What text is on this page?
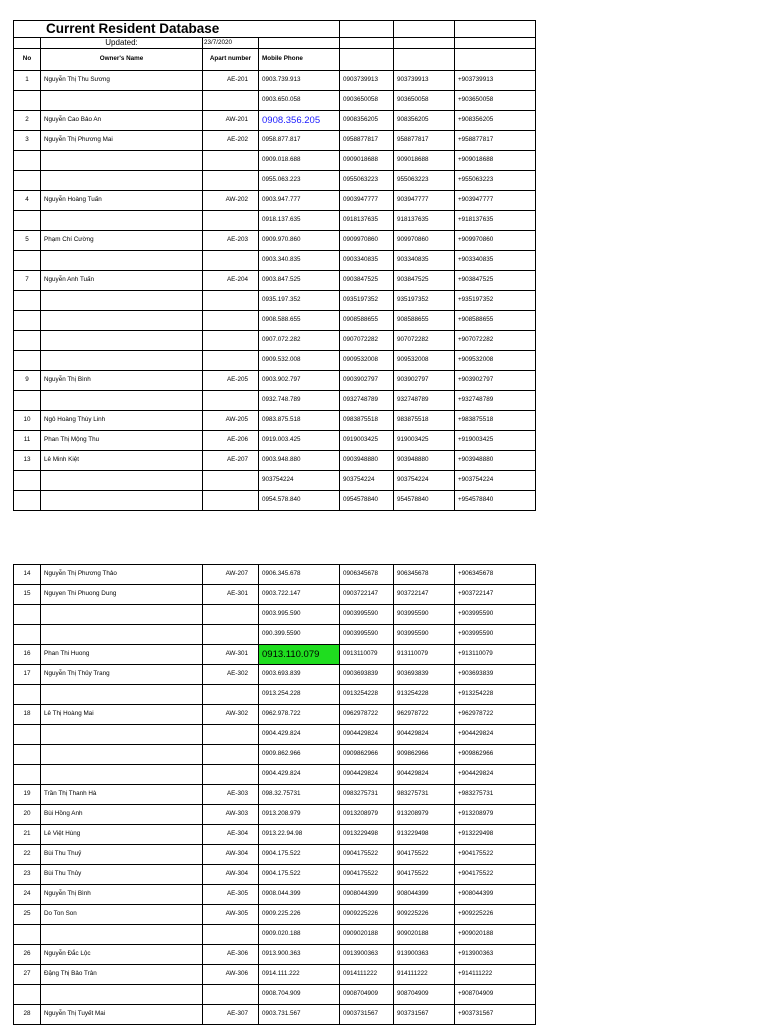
Current Resident Database						
	Updated:	23/7/2020				
No	Owner's Name	Apart number	Mobile Phone			
1	Nguyễn Thị Thu Sương	AE-201	0903.739.913	0903739913	903739913	+903739913
			0903.650.058	0903650058	903650058	+903650058
2	Nguyễn Cao Bảo An	AW-201	0908.356.205	0908356205	908356205	+908356205
3	Nguyễn Thị Phương Mai	AE-202	0958.877.817	0958877817	958877817	+958877817
			0909.018.688	0909018688	909018688	+909018688
			0955.063.223	0955063223	955063223	+955063223
4	Nguyễn Hoàng Tuấn	AW-202	0903.947.777	0903947777	903947777	+903947777
			0918.137.635	0918137635	918137635	+918137635
5	Phạm Chí Cường	AE-203	0909.970.860	0909970860	909970860	+909970860
			0903.340.835	0903340835	903340835	+903340835
7	Nguyễn Anh Tuấn	AE-204	0903.847.525	0903847525	903847525	+903847525
			0935.197.352	0935197352	935197352	+935197352
			0908.588.655	0908588655	908588655	+908588655
			0907.072.282	0907072282	907072282	+907072282
			0909.532.008	0909532008	909532008	+909532008
9	Nguyễn Thị Bình	AE-205	0903.902.797	0903902797	903902797	+903902797
			0932.748.789	0932748789	932748789	+932748789
10	Ngô Hoàng Thùy Linh	AW-205	0983.875.518	0983875518	983875518	+983875518
11	Phan Thị Mộng Thu	AE-206	0919.003.425	0919003425	919003425	+919003425
13	Lê Minh Kiệt	AE-207	0903.948.880	0903948880	903948880	+903948880
			903754224	903754224	903754224	+903754224
			0954.578.840	0954578840	954578840	+954578840
14	Nguyễn Thị Phương Thảo	AW-207	0906.345.678	0906345678	906345678	+906345678
15	Nguyen Thi Phuong Dung	AE-301	0903.722.147	0903722147	903722147	+903722147
			0903.995.590	0903995590	903995590	+903995590
			090.399.5590	0903995590	903995590	+903995590
16	Phan Thi Huong	AW-301	0913.110.079	0913110079	913110079	+913110079
17	Nguyễn Thị Thủy Trang	AE-302	0903.693.839	0903693839	903693839	+903693839
			0913.254.228	0913254228	913254228	+913254228
18	Lê Thị Hoàng Mai	AW-302	0962.978.722	0962978722	962978722	+962978722
			0904.429.824	0904429824	904429824	+904429824
			0909.862.966	0909862966	909862966	+909862966
			0904.429.824	0904429824	904429824	+904429824
19	Trần Thị Thanh Hà	AE-303	098.32.75731	0983275731	983275731	+983275731
20	Bùi Hồng Anh	AW-303	0913.208.979	0913208979	913208979	+913208979
21	Lê Việt Hùng	AE-304	0913.22.94.98	0913229498	913229498	+913229498
22	Bùi Thu Thuỷ	AW-304	0904.175.522	0904175522	904175522	+904175522
23	Bùi Thu Thủy	AW-304	0904.175.522	0904175522	904175522	+904175522
24	Nguyễn Thị Bình	AE-305	0908.044.399	0908044399	908044399	+908044399
25	Do Ton Son	AW-305	0909.225.226	0909225226	909225226	+909225226
			0909.020.188	0909020188	909020188	+909020188
26	Nguyễn Đắc Lộc	AE-306	0913.900.363	0913900363	913900363	+913900363
27	Đặng Thị Bảo Trân	AW-306	0914.111.222	0914111222	914111222	+914111222
			0908.704.909	0908704909	908704909	+908704909
28	Nguyễn Thị Tuyết Mai	AE-307	0903.731.567	0903731567	903731567	+903731567
